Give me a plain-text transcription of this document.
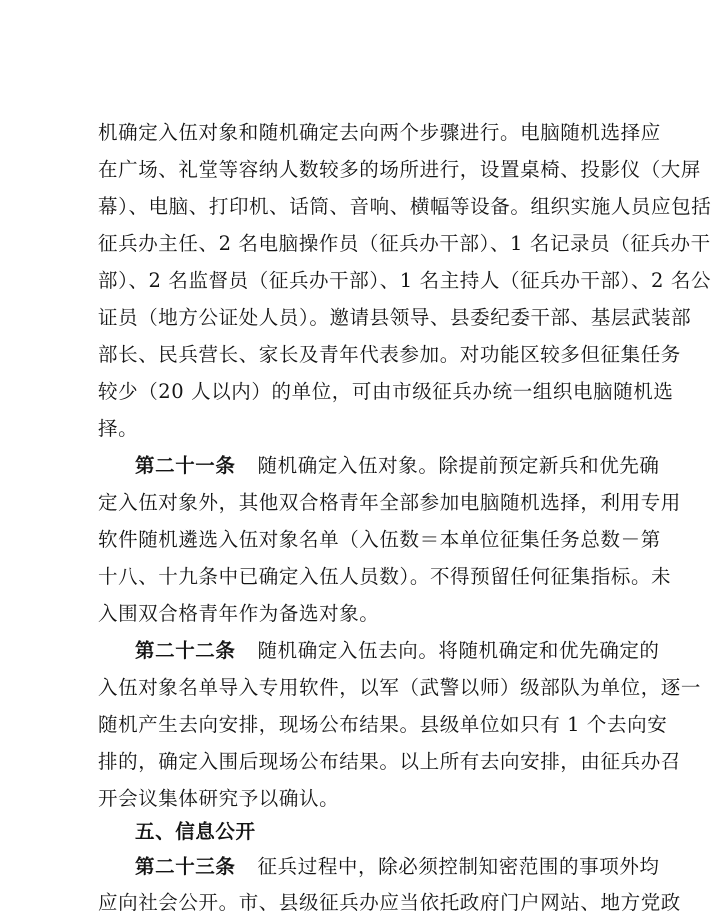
机确定入伍对象和随机确定去向两个步骤进行。电脑随机选择应
在广场、礼堂等容纳人数较多的场所进行，设置桌椅、投影仪（大屏
幕）、电脑、打印机、话筒、音响、横幅等设备。组织实施人员应包括
征兵办主任、2 名电脑操作员（征兵办干部）、1 名记录员（征兵办干
部）、2 名监督员（征兵办干部）、1 名主持人（征兵办干部）、2 名公
证员（地方公证处人员）。邀请县领导、县委纪委干部、基层武装部
部长、民兵营长、家长及青年代表参加。对功能区较多但征集任务
较少（20 人以内）的单位，可由市级征兵办统一组织电脑随机选
择。
第二十一条 随机确定入伍对象。除提前预定新兵和优先确
定入伍对象外，其他双合格青年全部参加电脑随机选择，利用专用
软件随机遴选入伍对象名单（入伍数＝本单位征集任务总数－第
十八、十九条中已确定入伍人员数）。不得预留任何征集指标。未
入围双合格青年作为备选对象。
第二十二条 随机确定入伍去向。将随机确定和优先确定的
入伍对象名单导入专用软件，以军（武警以师）级部队为单位，逐一
随机产生去向安排，现场公布结果。县级单位如只有 1 个去向安
排的，确定入围后现场公布结果。以上所有去向安排，由征兵办召
开会议集体研究予以确认。
五、信息公开
第二十三条 征兵过程中，除必须控制知密范围的事项外均
应向社会公开。市、县级征兵办应当依托政府门户网站、地方党政
